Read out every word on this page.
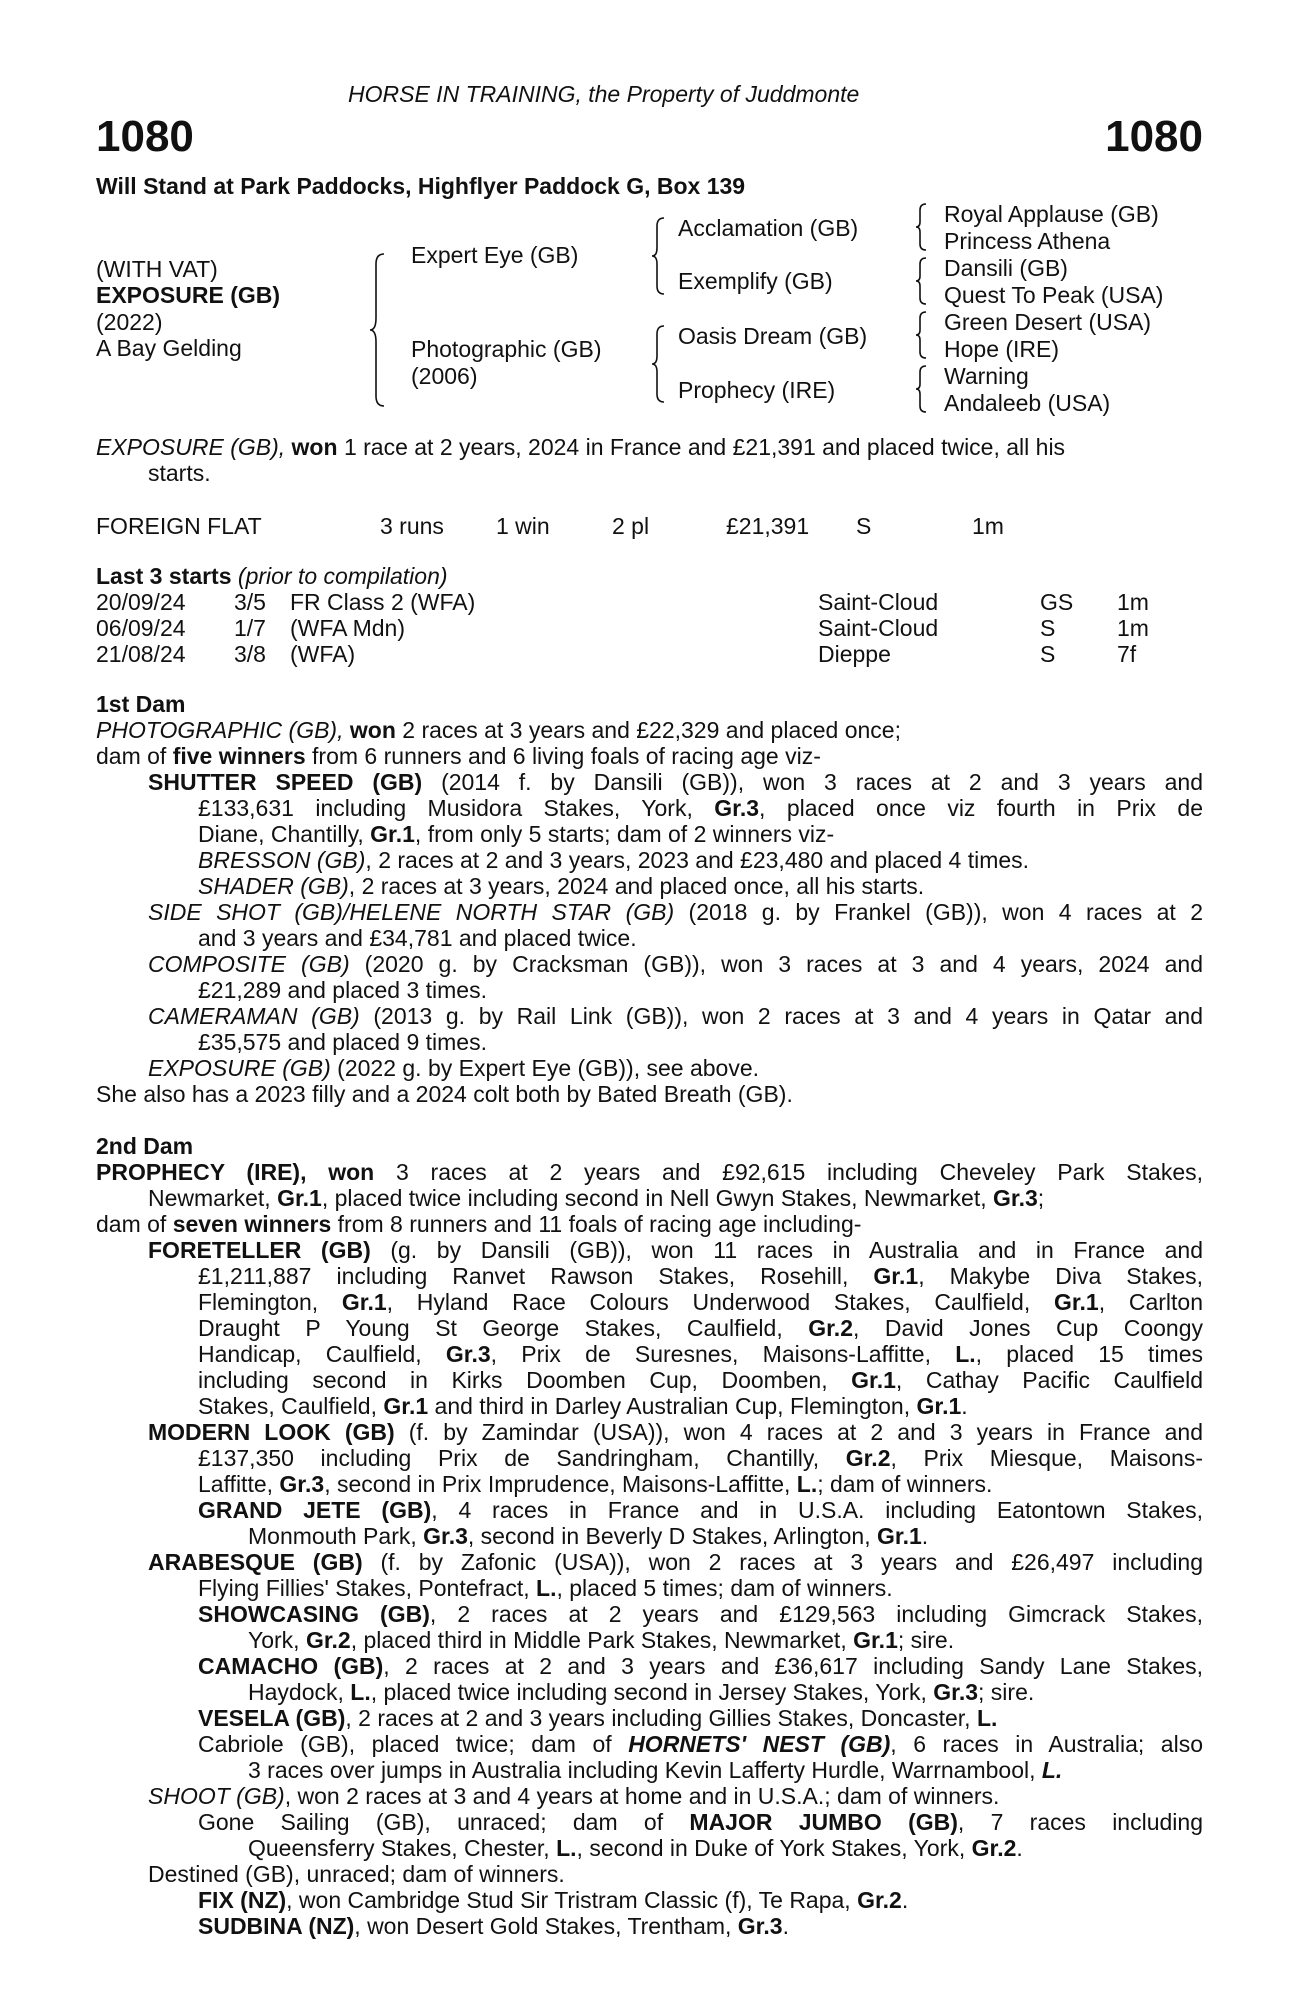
HORSE IN TRAINING, the Property of Juddmonte
1080	1080
Will Stand at Park Paddocks, Highflyer Paddock G, Box 139
(WITH VAT)
EXPOSURE (GB)
(2022)
A Bay Gelding
Expert Eye (GB)
Photographic (GB)
(2006)
Acclamation (GB)
Exemplify (GB)
Oasis Dream (GB)
Prophecy (IRE)
Royal Applause (GB)
Princess Athena
Dansili (GB)
Quest To Peak (USA)
Green Desert (USA)
Hope (IRE)
Warning
Andaleeb (USA)
EXPOSURE (GB), won 1 race at 2 years, 2024 in France and £21,391 and placed twice, all his
starts.
FOREIGN FLAT	3 runs 1 win	2 pl	£21,391 S	1m
Last 3 starts (prior to compilation)
20/09/24 3/5 FR Class 2 (WFA)	Saint-Cloud	GS 1m
06/09/24 1/7 (WFA Mdn)	Saint-Cloud	S	1m
21/08/24 3/8 (WFA)	Dieppe	S	7f
1st Dam
PHOTOGRAPHIC (GB), won 2 races at 3 years and £22,329 and placed once;
dam of five winners from 6 runners and 6 living foals of racing age viz-
SHUTTER SPEED (GB) (2014 f. by Dansili (GB)), won 3 races at 2 and 3 years and
£133,631 including Musidora Stakes, York, Gr.3, placed once viz fourth in Prix de
Diane, Chantilly, Gr.1, from only 5 starts; dam of 2 winners viz-
BRESSON (GB), 2 races at 2 and 3 years, 2023 and £23,480 and placed 4 times.
SHADER (GB), 2 races at 3 years, 2024 and placed once, all his starts.
SIDE SHOT (GB)/HELENE NORTH STAR (GB) (2018 g. by Frankel (GB)), won 4 races at 2
and 3 years and £34,781 and placed twice.
COMPOSITE (GB) (2020 g. by Cracksman (GB)), won 3 races at 3 and 4 years, 2024 and
£21,289 and placed 3 times.
CAMERAMAN (GB) (2013 g. by Rail Link (GB)), won 2 races at 3 and 4 years in Qatar and
£35,575 and placed 9 times.
EXPOSURE (GB) (2022 g. by Expert Eye (GB)), see above.
She also has a 2023 filly and a 2024 colt both by Bated Breath (GB).
2nd Dam
PROPHECY (IRE), won 3 races at 2 years and £92,615 including Cheveley Park Stakes,
Newmarket, Gr.1, placed twice including second in Nell Gwyn Stakes, Newmarket, Gr.3;
dam of seven winners from 8 runners and 11 foals of racing age including-
FORETELLER (GB) (g. by Dansili (GB)), won 11 races in Australia and in France and
£1,211,887 including Ranvet Rawson Stakes, Rosehill, Gr.1, Makybe Diva Stakes,
Flemington, Gr.1, Hyland Race Colours Underwood Stakes, Caulfield, Gr.1, Carlton
Draught P Young St George Stakes, Caulfield, Gr.2, David Jones Cup Coongy
Handicap, Caulfield, Gr.3, Prix de Suresnes, Maisons-Laffitte, L., placed 15 times
including second in Kirks Doomben Cup, Doomben, Gr.1, Cathay Pacific Caulfield
Stakes, Caulfield, Gr.1 and third in Darley Australian Cup, Flemington, Gr.1.
MODERN LOOK (GB) (f. by Zamindar (USA)), won 4 races at 2 and 3 years in France and
£137,350 including Prix de Sandringham, Chantilly, Gr.2, Prix Miesque, Maisons-
Laffitte, Gr.3, second in Prix Imprudence, Maisons-Laffitte, L.; dam of winners.
GRAND JETE (GB), 4 races in France and in U.S.A. including Eatontown Stakes,
Monmouth Park, Gr.3, second in Beverly D Stakes, Arlington, Gr.1.
ARABESQUE (GB) (f. by Zafonic (USA)), won 2 races at 3 years and £26,497 including
Flying Fillies' Stakes, Pontefract, L., placed 5 times; dam of winners.
SHOWCASING (GB), 2 races at 2 years and £129,563 including Gimcrack Stakes,
York, Gr.2, placed third in Middle Park Stakes, Newmarket, Gr.1; sire.
CAMACHO (GB), 2 races at 2 and 3 years and £36,617 including Sandy Lane Stakes,
Haydock, L., placed twice including second in Jersey Stakes, York, Gr.3; sire.
VESELA (GB), 2 races at 2 and 3 years including Gillies Stakes, Doncaster, L.
Cabriole (GB), placed twice; dam of HORNETS' NEST (GB), 6 races in Australia; also
3 races over jumps in Australia including Kevin Lafferty Hurdle, Warrnambool, L.
SHOOT (GB), won 2 races at 3 and 4 years at home and in U.S.A.; dam of winners.
Gone Sailing (GB), unraced; dam of MAJOR JUMBO (GB), 7 races including
Queensferry Stakes, Chester, L., second in Duke of York Stakes, York, Gr.2.
Destined (GB), unraced; dam of winners.
FIX (NZ), won Cambridge Stud Sir Tristram Classic (f), Te Rapa, Gr.2.
SUDBINA (NZ), won Desert Gold Stakes, Trentham, Gr.3.
